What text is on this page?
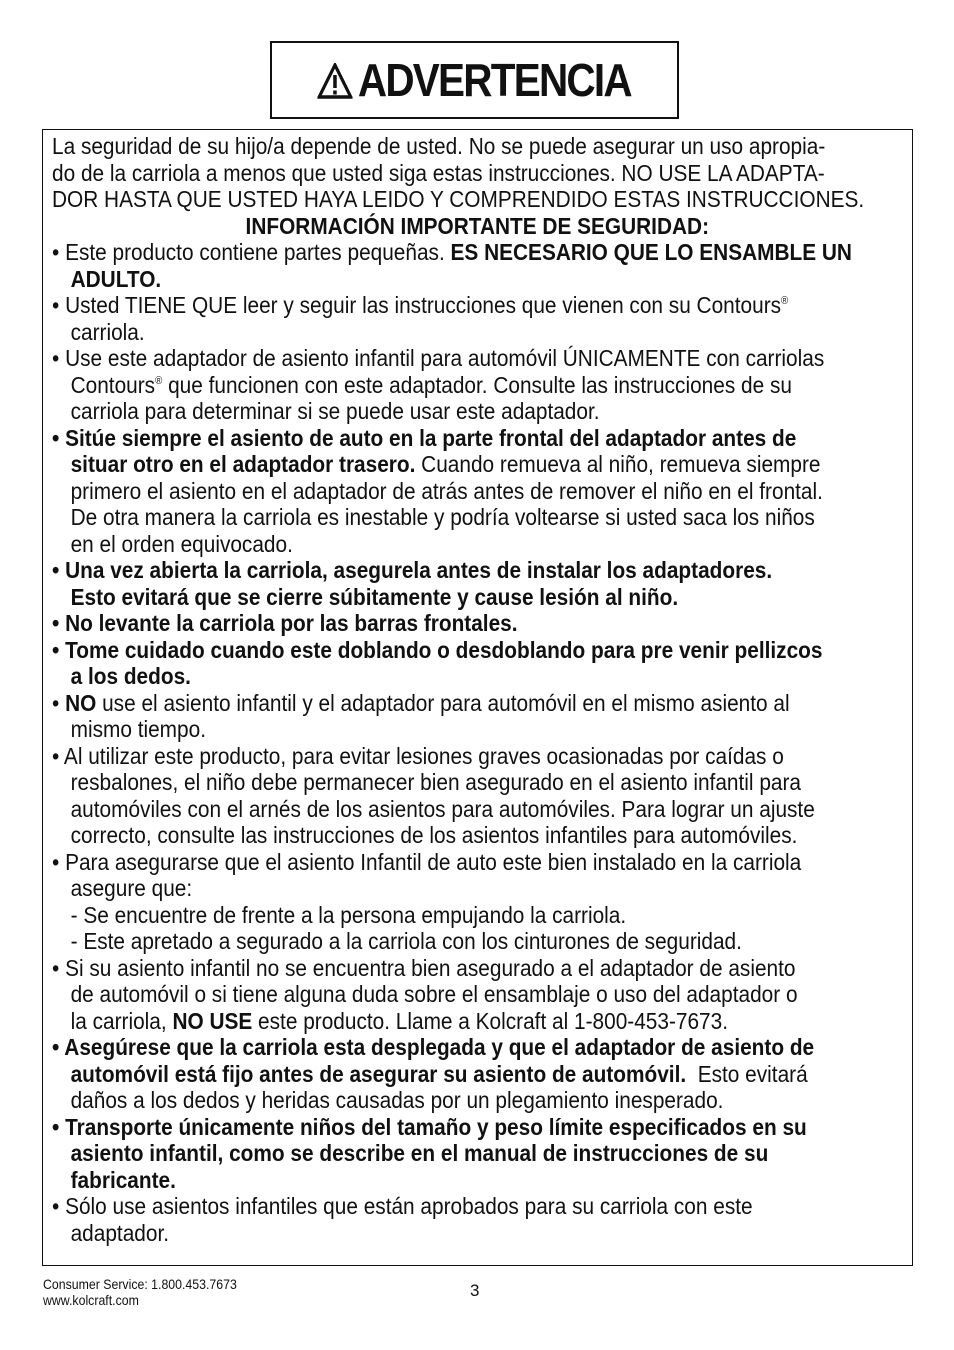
ADVERTENCIA
La seguridad de su hijo/a depende de usted. No se puede asegurar un uso apropia-
do de la carriola a menos que usted siga estas instrucciones. NO USE LA ADAPTA-
DOR HASTA QUE USTED HAYA LEIDO Y COMPRENDIDO ESTAS INSTRUCCIONES.
INFORMACIÓN IMPORTANTE DE SEGURIDAD:
• Este producto contiene partes pequeñas. ES NECESARIO QUE LO ENSAMBLE UN
ADULTO.
• Usted TIENE QUE leer y seguir las instrucciones que vienen con su Contours®
carriola.
• Use este adaptador de asiento infantil para automóvil ÚNICAMENTE con carriolas
Contours® que funcionen con este adaptador. Consulte las instrucciones de su
carriola para determinar si se puede usar este adaptador.
• Sitúe siempre el asiento de auto en la parte frontal del adaptador antes de
situar otro en el adaptador trasero. Cuando remueva al niño, remueva siempre
primero el asiento en el adaptador de atrás antes de remover el niño en el frontal.
De otra manera la carriola es inestable y podría voltearse si usted saca los niños
en el orden equivocado.
• Una vez abierta la carriola, asegurela antes de instalar los adaptadores.
Esto evitará que se cierre súbitamente y cause lesión al niño.
• No levante la carriola por las barras frontales.
• Tome cuidado cuando este doblando o desdoblando para pre venir pellizcos
a los dedos.
• NO use el asiento infantil y el adaptador para automóvil en el mismo asiento al
mismo tiempo.
• Al utilizar este producto, para evitar lesiones graves ocasionadas por caídas o
resbalones, el niño debe permanecer bien asegurado en el asiento infantil para
automóviles con el arnés de los asientos para automóviles. Para lograr un ajuste
correcto, consulte las instrucciones de los asientos infantiles para automóviles.
• Para asegurarse que el asiento Infantil de auto este bien instalado en la carriola
asegure que:
- Se encuentre de frente a la persona empujando la carriola.
- Este apretado a segurado a la carriola con los cinturones de seguridad.
• Si su asiento infantil no se encuentra bien asegurado a el adaptador de asiento
de automóvil o si tiene alguna duda sobre el ensamblaje o uso del adaptador o
la carriola, NO USE este producto. Llame a Kolcraft al 1-800-453-7673.
• Asegúrese que la carriola esta desplegada y que el adaptador de asiento de
automóvil está fijo antes de asegurar su asiento de automóvil.  Esto evitará
daños a los dedos y heridas causadas por un plegamiento inesperado.
• Transporte únicamente niños del tamaño y peso límite especificados en su
asiento infantil, como se describe en el manual de instrucciones de su
fabricante.
• Sólo use asientos infantiles que están aprobados para su carriola con este
adaptador.
Consumer Service: 1.800.453.7673
www.kolcraft.com	3
